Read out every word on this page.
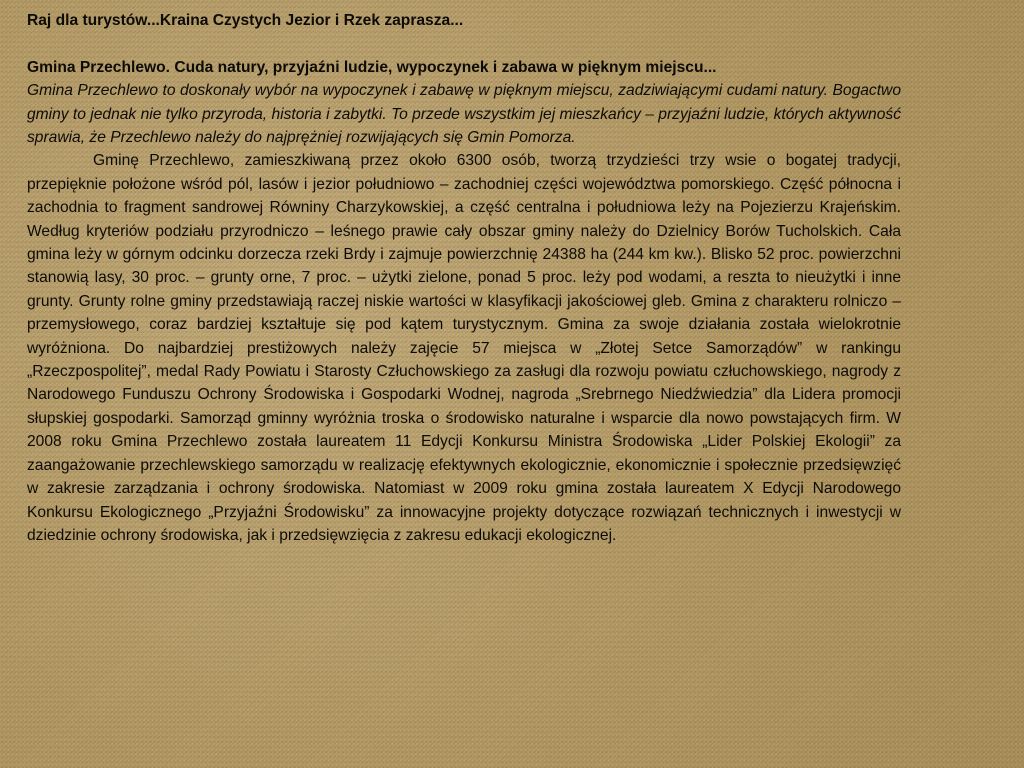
Raj dla turystów...Kraina Czystych Jezior i Rzek zaprasza...

Gmina Przechlewo. Cuda natury, przyjaźni ludzie, wypoczynek i zabawa w pięknym miejscu...

Gmina Przechlewo to doskonały wybór na wypoczynek i zabawę w pięknym miejscu, zadziwiającymi cudami natury. Bogactwo gminy to jednak nie tylko przyroda, historia i zabytki. To przede wszystkim jej mieszkańcy – przyjaźni ludzie, których aktywność sprawia, że Przechlewo należy do najprężniej rozwijających się Gmin Pomorza.

Gminę Przechlewo, zamieszkiwaną przez około 6300 osób, tworzą trzydzieści trzy wsie o bogatej tradycji, przepięknie położone wśród pól, lasów i jezior południowo – zachodniej części województwa pomorskiego. Część północna i zachodnia to fragment sandrowej Równiny Charzykowskiej, a część centralna i południowa leży na Pojezierzu Krajeńskim. Według kryteriów podziału przyrodniczo – leśnego prawie cały obszar gminy należy do Dzielnicy Borów Tucholskich. Cała gmina leży w górnym odcinku dorzecza rzeki Brdy i zajmuje powierzchnię 24388 ha (244 km kw.). Blisko 52 proc. powierzchni stanowią lasy, 30 proc. – grunty orne, 7 proc. – użytki zielone, ponad 5 proc. leży pod wodami, a reszta to nieużytki i inne grunty. Grunty rolne gminy przedstawiają raczej niskie wartości w klasyfikacji jakościowej gleb. Gmina z charakteru rolniczo – przemysłowego, coraz bardziej kształtuje się pod kątem turystycznym. Gmina za swoje działania została wielokrotnie wyróżniona. Do najbardziej prestiżowych należy zajęcie 57 miejsca w „Złotej Setce Samorządów” w rankingu „Rzeczpospolitej”, medal Rady Powiatu i Starosty Człuchowskiego za zasługi dla rozwoju powiatu człuchowskiego, nagrody z Narodowego Funduszu Ochrony Środowiska i Gospodarki Wodnej, nagroda „Srebrnego Niedźwiedzia” dla Lidera promocji słupskiej gospodarki. Samorząd gminny wyróżnia troska o środowisko naturalne i wsparcie dla nowo powstających firm. W 2008 roku Gmina Przechlewo została laureatem 11 Edycji Konkursu Ministra Środowiska „Lider Polskiej Ekologii” za zaangażowanie przechlewskiego samorządu w realizację efektywnych ekologicznie, ekonomicznie i społecznie przedsięwzięć w zakresie zarządzania i ochrony środowiska. Natomiast w 2009 roku gmina została laureatem X Edycji Narodowego Konkursu Ekologicznego „Przyjaźni Środowisku” za innowacyjne projekty dotyczące rozwiązań technicznych i inwestycji w dziedzinie ochrony środowiska, jak i przedsięwzięcia z zakresu edukacji ekologicznej.
